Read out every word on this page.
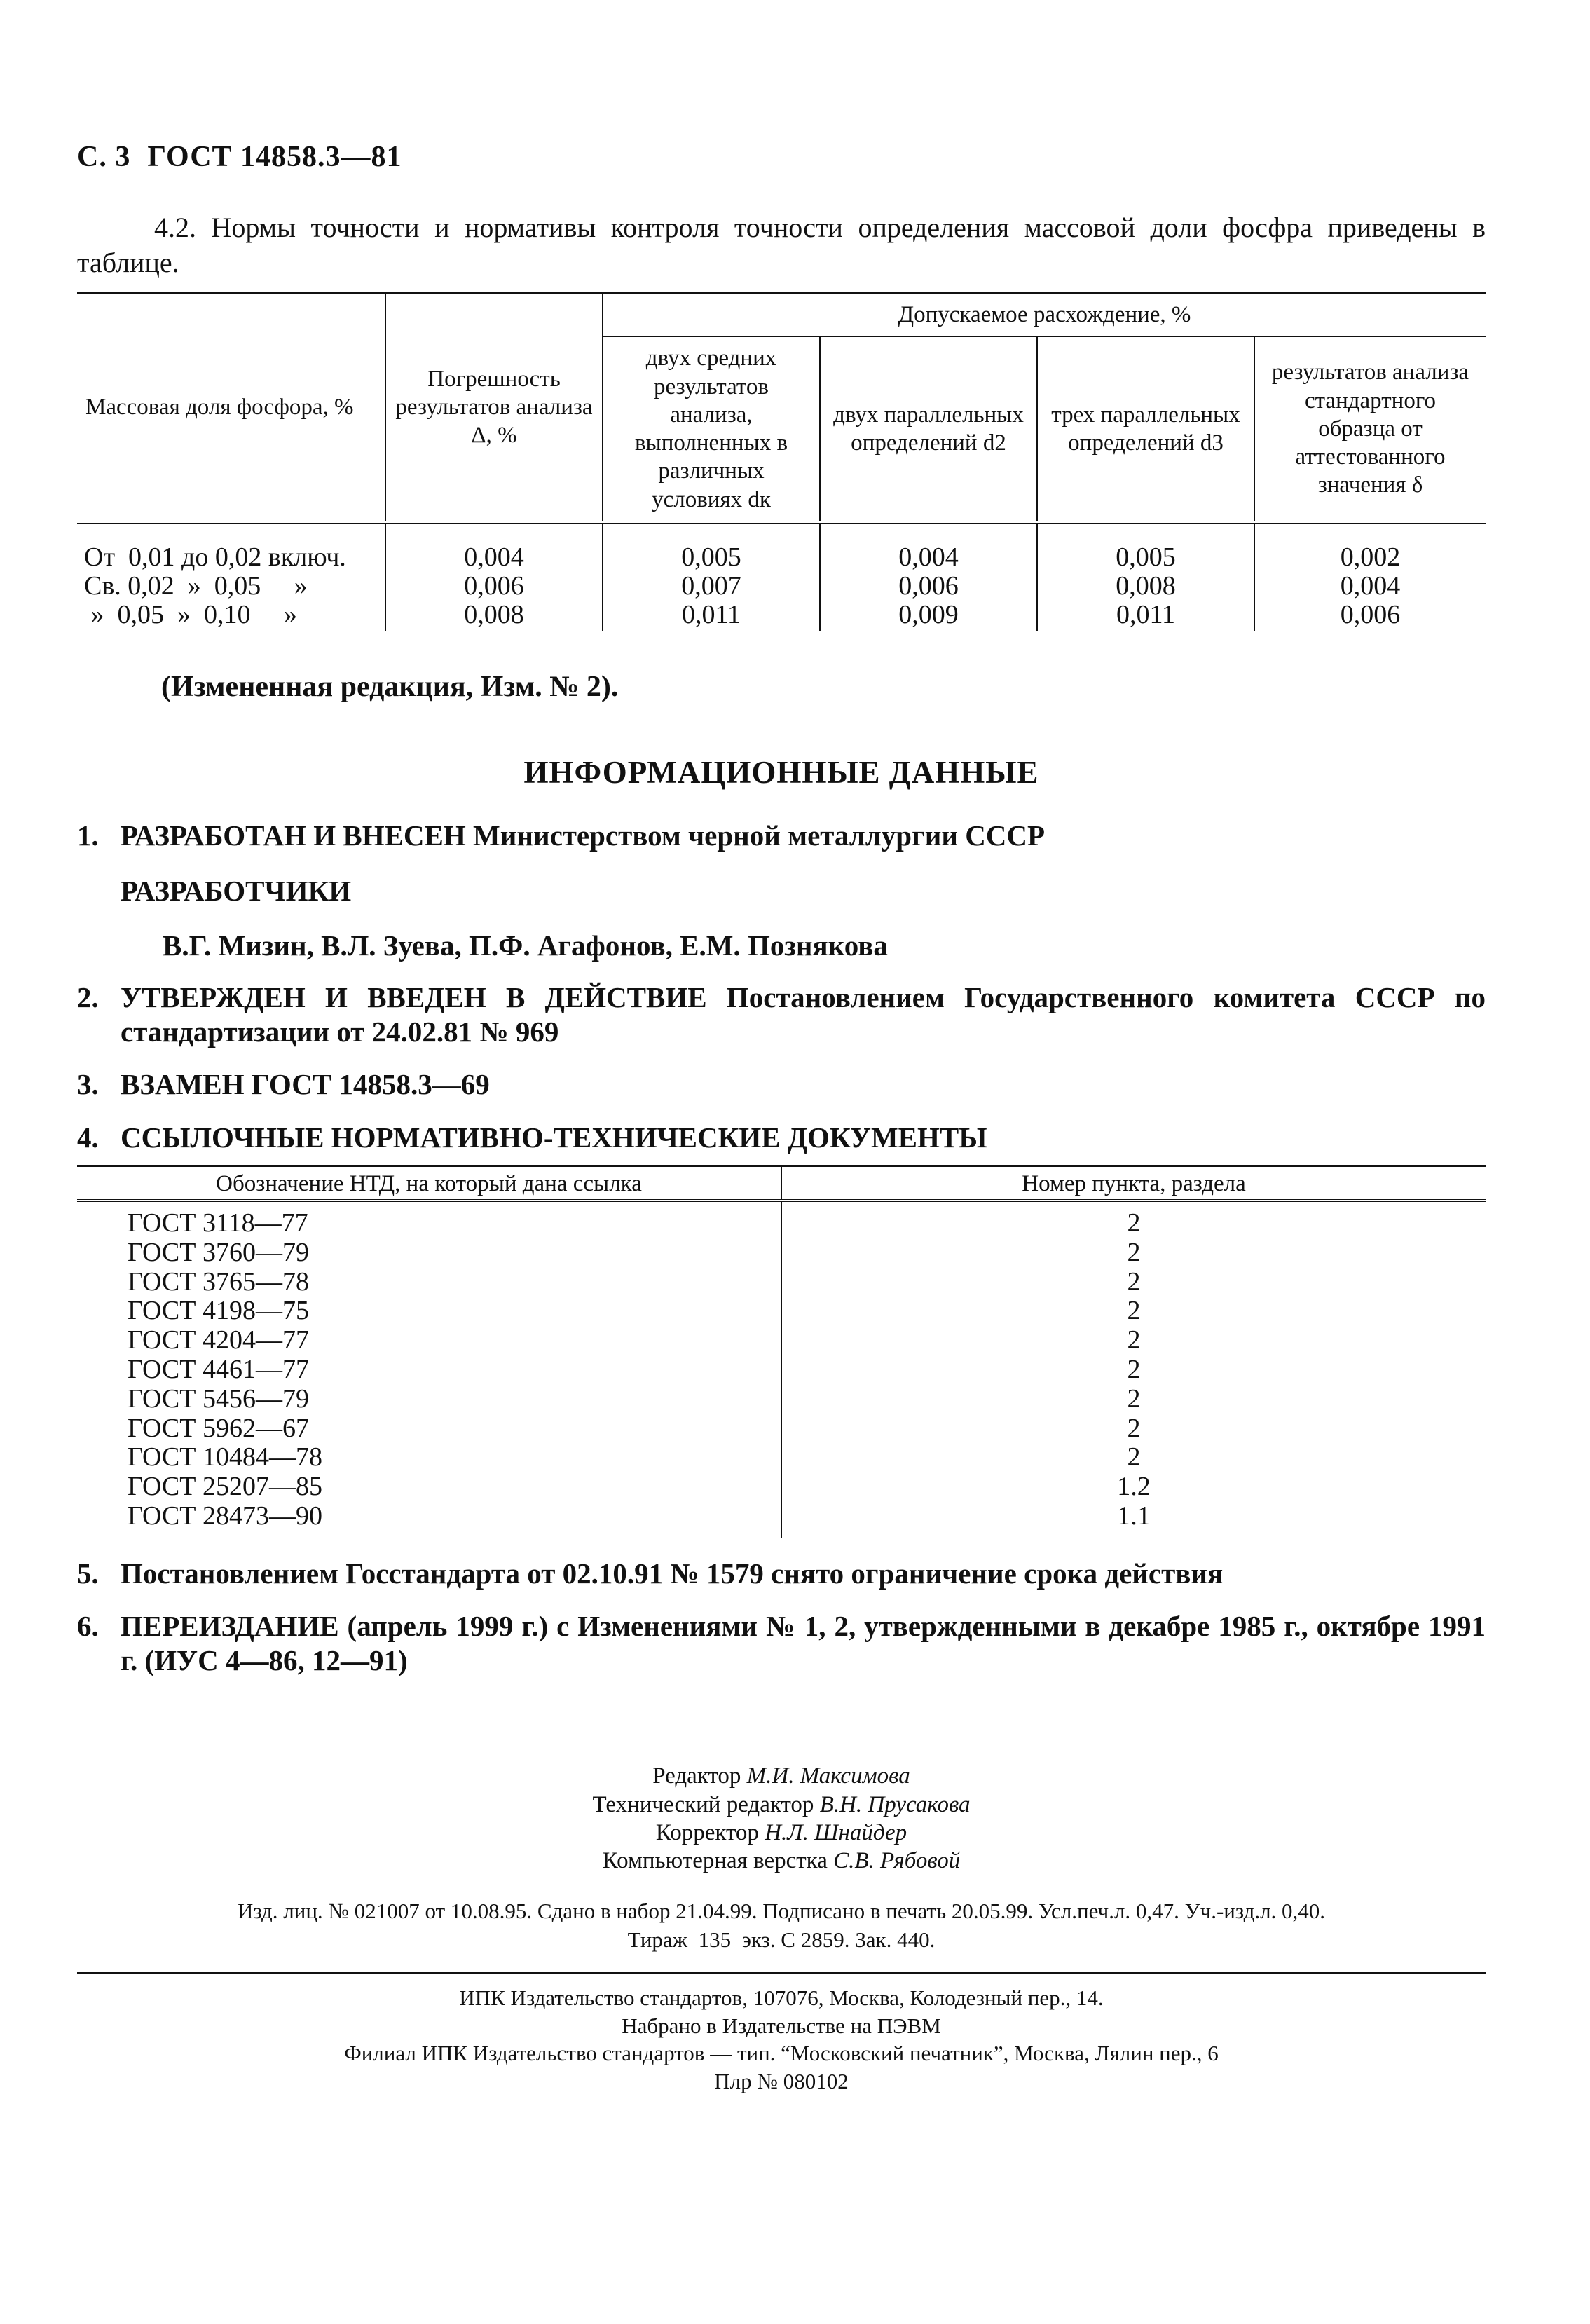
С. 3 ГОСТ 14858.3—81

4.2. Нормы точности и нормативы контроля точности определения массовой доли фосфра приведены в таблице.

Массовая доля фосфора, %	Погрешность результатов анализа Δ, %	Допускаемое расхождение, %			
		двух средних результатов анализа, выполненных в различных условиях dк	двух параллельных определений d2	трех параллельных определений d3	результатов анализа стандартного образца от аттестованного значения δ
От  0,01 до 0,02 включ.	0,004	0,005	0,004	0,005	0,002
Св. 0,02  »  0,05     »	0,006	0,007	0,006	0,008	0,004
»  0,05  »  0,10     »	0,008	0,011	0,009	0,011	0,006
(Измененная редакция, Изм. № 2).
ИНФОРМАЦИОННЫЕ ДАННЫЕ
1. РАЗРАБОТАН И ВНЕСЕН Министерством черной металлургии СССР
РАЗРАБОТЧИКИ
В.Г. Мизин, В.Л. Зуева, П.Ф. Агафонов, Е.М. Познякова
2. УТВЕРЖДЕН И ВВЕДЕН В ДЕЙСТВИЕ Постановлением Государственного комитета СССР по стандартизации от 24.02.81 № 969
3. ВЗАМЕН ГОСТ 14858.3—69
4. ССЫЛОЧНЫЕ НОРМАТИВНО-ТЕХНИЧЕСКИЕ ДОКУМЕНТЫ
Обозначение НТД, на который дана ссылка	Номер пункта, раздела
ГОСТ 3118—77	2
ГОСТ 3760—79	2
ГОСТ 3765—78	2
ГОСТ 4198—75	2
ГОСТ 4204—77	2
ГОСТ 4461—77	2
ГОСТ 5456—79	2
ГОСТ 5962—67	2
ГОСТ 10484—78	2
ГОСТ 25207—85	1.2
ГОСТ 28473—90	1.1
5. Постановлением Госстандарта от 02.10.91 № 1579 снято ограничение срока действия
6. ПЕРЕИЗДАНИЕ (апрель 1999 г.) с Изменениями № 1, 2, утвержденными в декабре 1985 г., октябре 1991 г. (ИУС 4—86, 12—91)
Редактор М.И. Максимова
Технический редактор В.Н. Прусакова
Корректор Н.Л. Шнайдер
Компьютерная верстка С.В. Рябовой
Изд. лиц. № 021007 от 10.08.95. Сдано в набор 21.04.99. Подписано в печать 20.05.99. Усл.печ.л. 0,47. Уч.-изд.л. 0,40.
Тираж  135  экз. С 2859. Зак. 440.
ИПК Издательство стандартов, 107076, Москва, Колодезный пер., 14.
Набрано в Издательстве на ПЭВМ
Филиал ИПК Издательство стандартов — тип. “Московский печатник”, Москва, Лялин пер., 6
Плр № 080102
